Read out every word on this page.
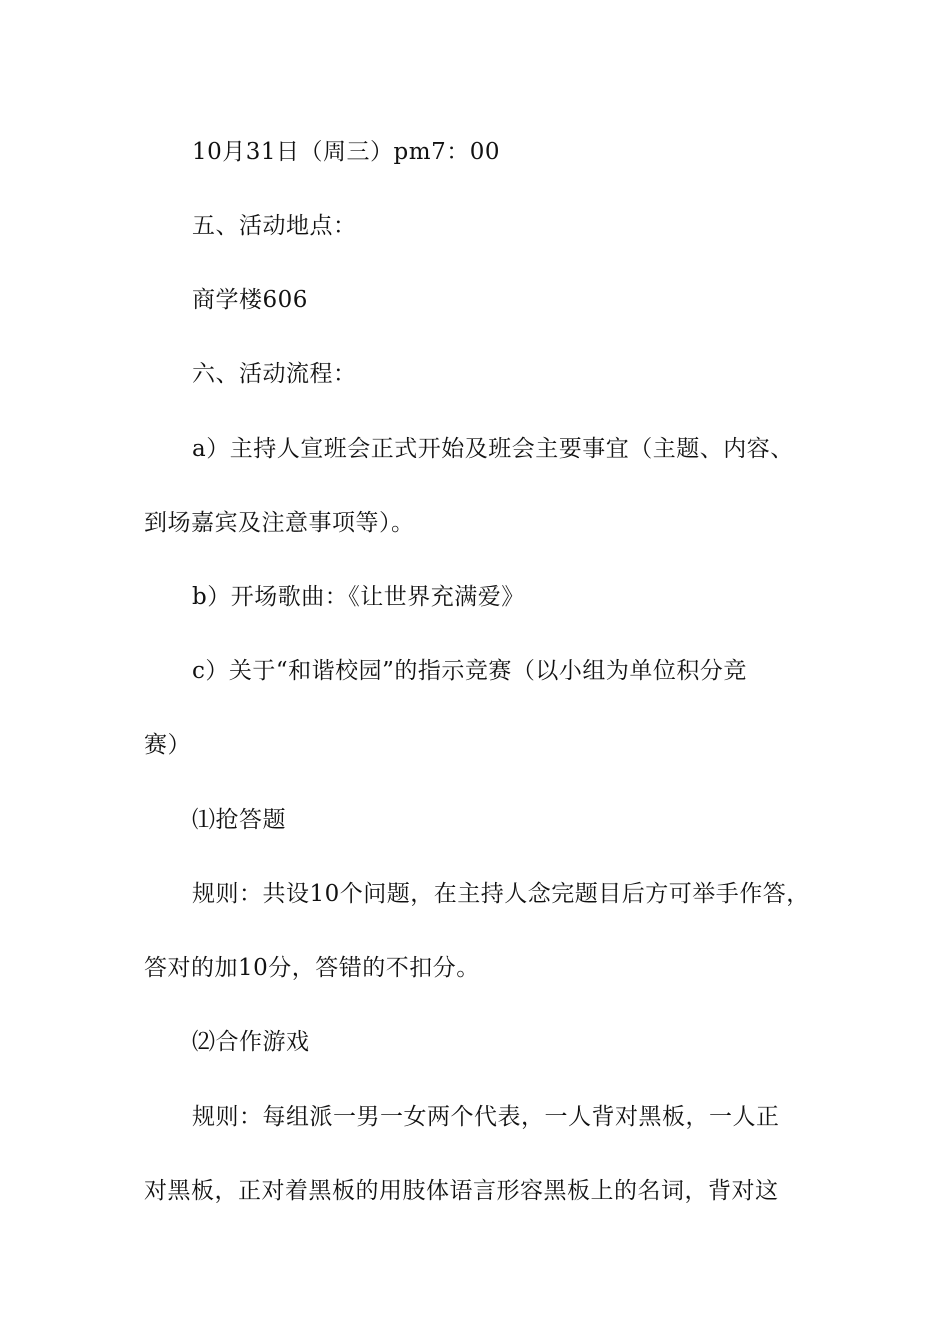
10月31日（周三）pm7：00
五、活动地点：
商学楼606
六、活动流程：
a）主持人宣班会正式开始及班会主要事宜（主题、内容、
到场嘉宾及注意事项等）。
b）开场歌曲：《让世界充满爱》
c）关于“和谐校园”的指示竞赛（以小组为单位积分竞
赛）
⑴抢答题
规则：共设10个问题，在主持人念完题目后方可举手作答，
答对的加10分，答错的不扣分。
⑵合作游戏
规则：每组派一男一女两个代表，一人背对黑板，一人正
对黑板，正对着黑板的用肢体语言形容黑板上的名词，背对这
